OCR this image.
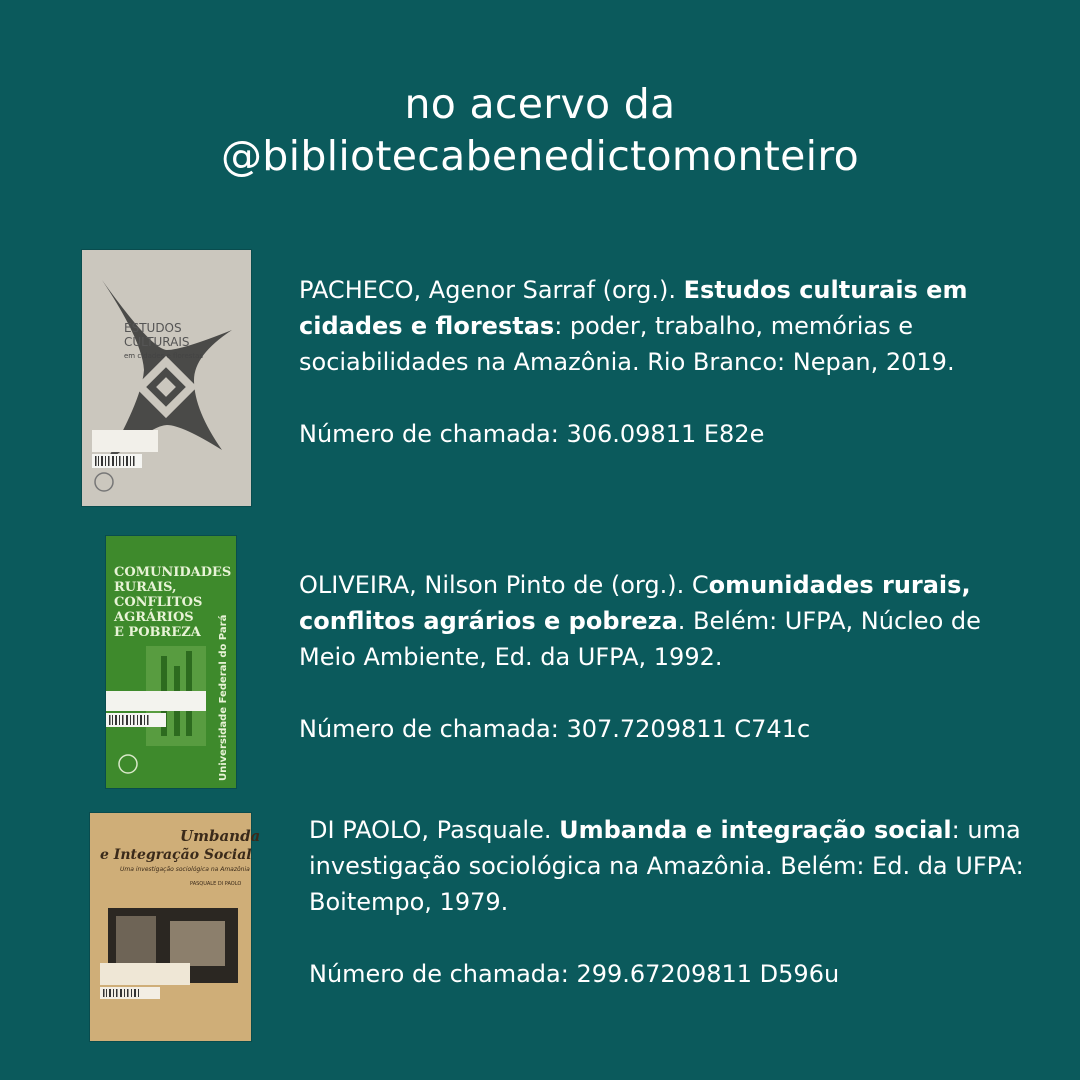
no acervo da
@bibliotecabenedictomonteiro
ESTUDOS
CULTURAIS
em cidades e florestas
PACHECO, Agenor Sarraf (org.). Estudos culturais em cidades e florestas: poder, trabalho, memórias e sociabilidades na Amazônia. Rio Branco: Nepan, 2019.
Número de chamada: 306.09811 E82e
COMUNIDADES
RURAIS,
CONFLITOS
AGRÁRIOS
E POBREZA Universidade Federal do Pará
OLIVEIRA, Nilson Pinto de (org.). Comunidades rurais, conflitos agrários e pobreza. Belém: UFPA, Núcleo de Meio Ambiente, Ed. da UFPA, 1992.
Número de chamada: 307.7209811 C741c
Umbanda
e Integração Social
Uma investigação sociológica na Amazônia
PASQUALE DI PAOLO
DI PAOLO, Pasquale. Umbanda e integração social: uma investigação sociológica na Amazônia. Belém: Ed. da UFPA: Boitempo, 1979.
Número de chamada: 299.67209811 D596u
